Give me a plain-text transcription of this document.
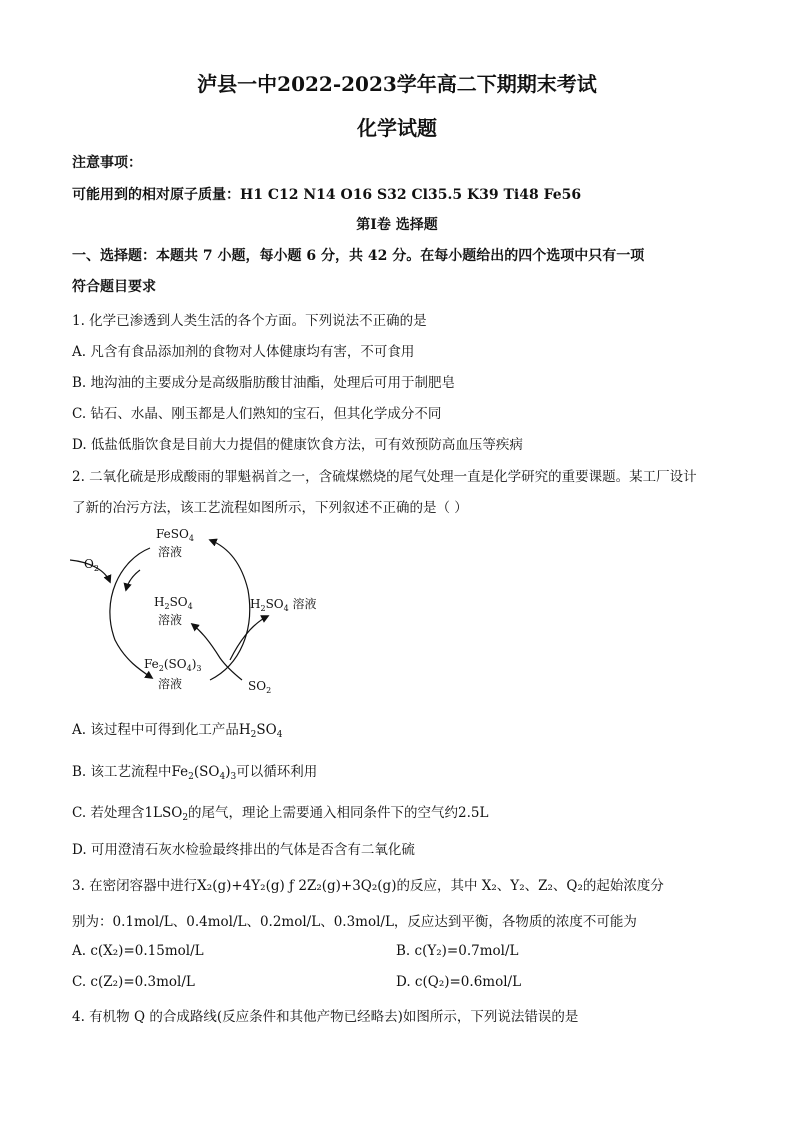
泸县一中2022-2023学年高二下期期末考试
化学试题
注意事项：
可能用到的相对原子质量：H1 C12 N14 O16 S32 Cl35.5 K39 Ti48 Fe56
第Ⅰ卷 选择题
一、选择题：本题共 7 小题，每小题 6 分，共 42 分。在每小题给出的四个选项中只有一项
符合题目要求
1. 化学已渗透到人类生活的各个方面。下列说法不正确的是
A. 凡含有食品添加剂的食物对人体健康均有害，不可食用
B. 地沟油的主要成分是高级脂肪酸甘油酯，处理后可用于制肥皂
C. 钻石、水晶、刚玉都是人们熟知的宝石，但其化学成分不同
D. 低盐低脂饮食是目前大力提倡的健康饮食方法，可有效预防高血压等疾病
2. 二氧化硫是形成酸雨的罪魁祸首之一，含硫煤燃烧的尾气处理一直是化学研究的重要课题。某工厂设计
了新的冶污方法，该工艺流程如图所示，下列叙述不正确的是（ ）
FeSO$_4$
溶液
$O_2$
$H_2SO_4$
溶液
$H_2SO_4$ 溶液
$Fe_2(SO_4)_3$
溶液	$SO_2$
A. 该过程中可得到化工产品$H_2SO_4$
B. 该工艺流程中$Fe_2(SO_4)_3$可以循环利用
C. 若处理含$1LSO_2$的尾气，理论上需要通入相同条件下的空气约2.5L
D. 可用澄清石灰水检验最终排出的气体是否含有二氧化硫
3. 在密闭容器中进行X₂(g)+4Y₂(g) ƒ 2Z₂(g)+3Q₂(g)的反应，其中 X₂、Y₂、Z₂、Q₂的起始浓度分
别为：0.1mol/L、0.4mol/L、0.2mol/L、0.3mol/L，反应达到平衡，各物质的浓度不可能为
A. c(X₂)=0.15mol/L	B. c(Y₂)=0.7mol/L
C. c(Z₂)=0.3mol/L	D. c(Q₂)=0.6mol/L
4. 有机物 Q 的合成路线(反应条件和其他产物已经略去)如图所示，下列说法错误的是
